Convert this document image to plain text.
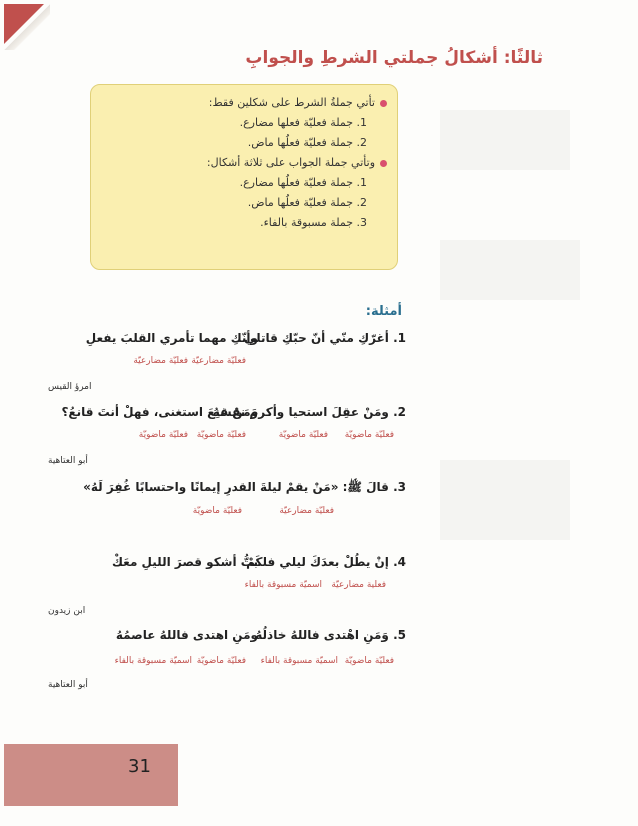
ثالثًا: أشكالُ جملتي الشرطِ والجوابِ
تأتي جملةُ الشرط على شكلين فقط:
1. جملة فعليّة فعلها مضارع.
2. جملة فعليّة فعلُها ماض.
وتأتي جملة الجواب على ثلاثة أشكال:
1. جملة فعليّة فعلُها مضارع.
2. جملة فعليّة فعلُها ماض.
3. جملة مسبوقة بالفاء.
أمثلة:
1. أغرّكِ منّي أنّ حبّكِ قاتلي
وأنّكِ مهما تأمري القلبَ يفعلِ
فعليّة مضارعيّة
فعليّة مضارعيّة
امرؤ القيس
2. ومَنْ عقِلَ استحيا وأكرمَ نفسَهُ
ومَنْ قنِعَ استغنى، فهلْ أنتَ قانعُ؟
فعليّة ماضويّة
فعليّة ماضويّة
فعليّة ماضويّة
فعليّة ماضويّة
أبو العتاهية
3. قالَ ﷺ: «مَنْ يقمْ ليلةَ القدرِ إيمانًا واحتسابًا غُفِرَ لَهُ»
فعليّة مضارعيّة
فعليّة ماضويّة
4. إنْ يطُلْ بعدَكَ ليلي فلكَمْ
بتُّ أشكو قصرَ الليلِ معَكْ
فعلية مضارعيّة
اسميّة مسبوقة بالفاء
ابن زيدون
5. وَمَنِ اهْتدى فاللهُ خاذلُهُ
ومَنِ اهتدى فاللهُ عاصمُهُ
فعليّة ماضويّة
اسميّة مسبوقة بالفاء
فعليّة ماضويّة
اسميّة مسبوقة بالفاء
أبو العتاهية
31
